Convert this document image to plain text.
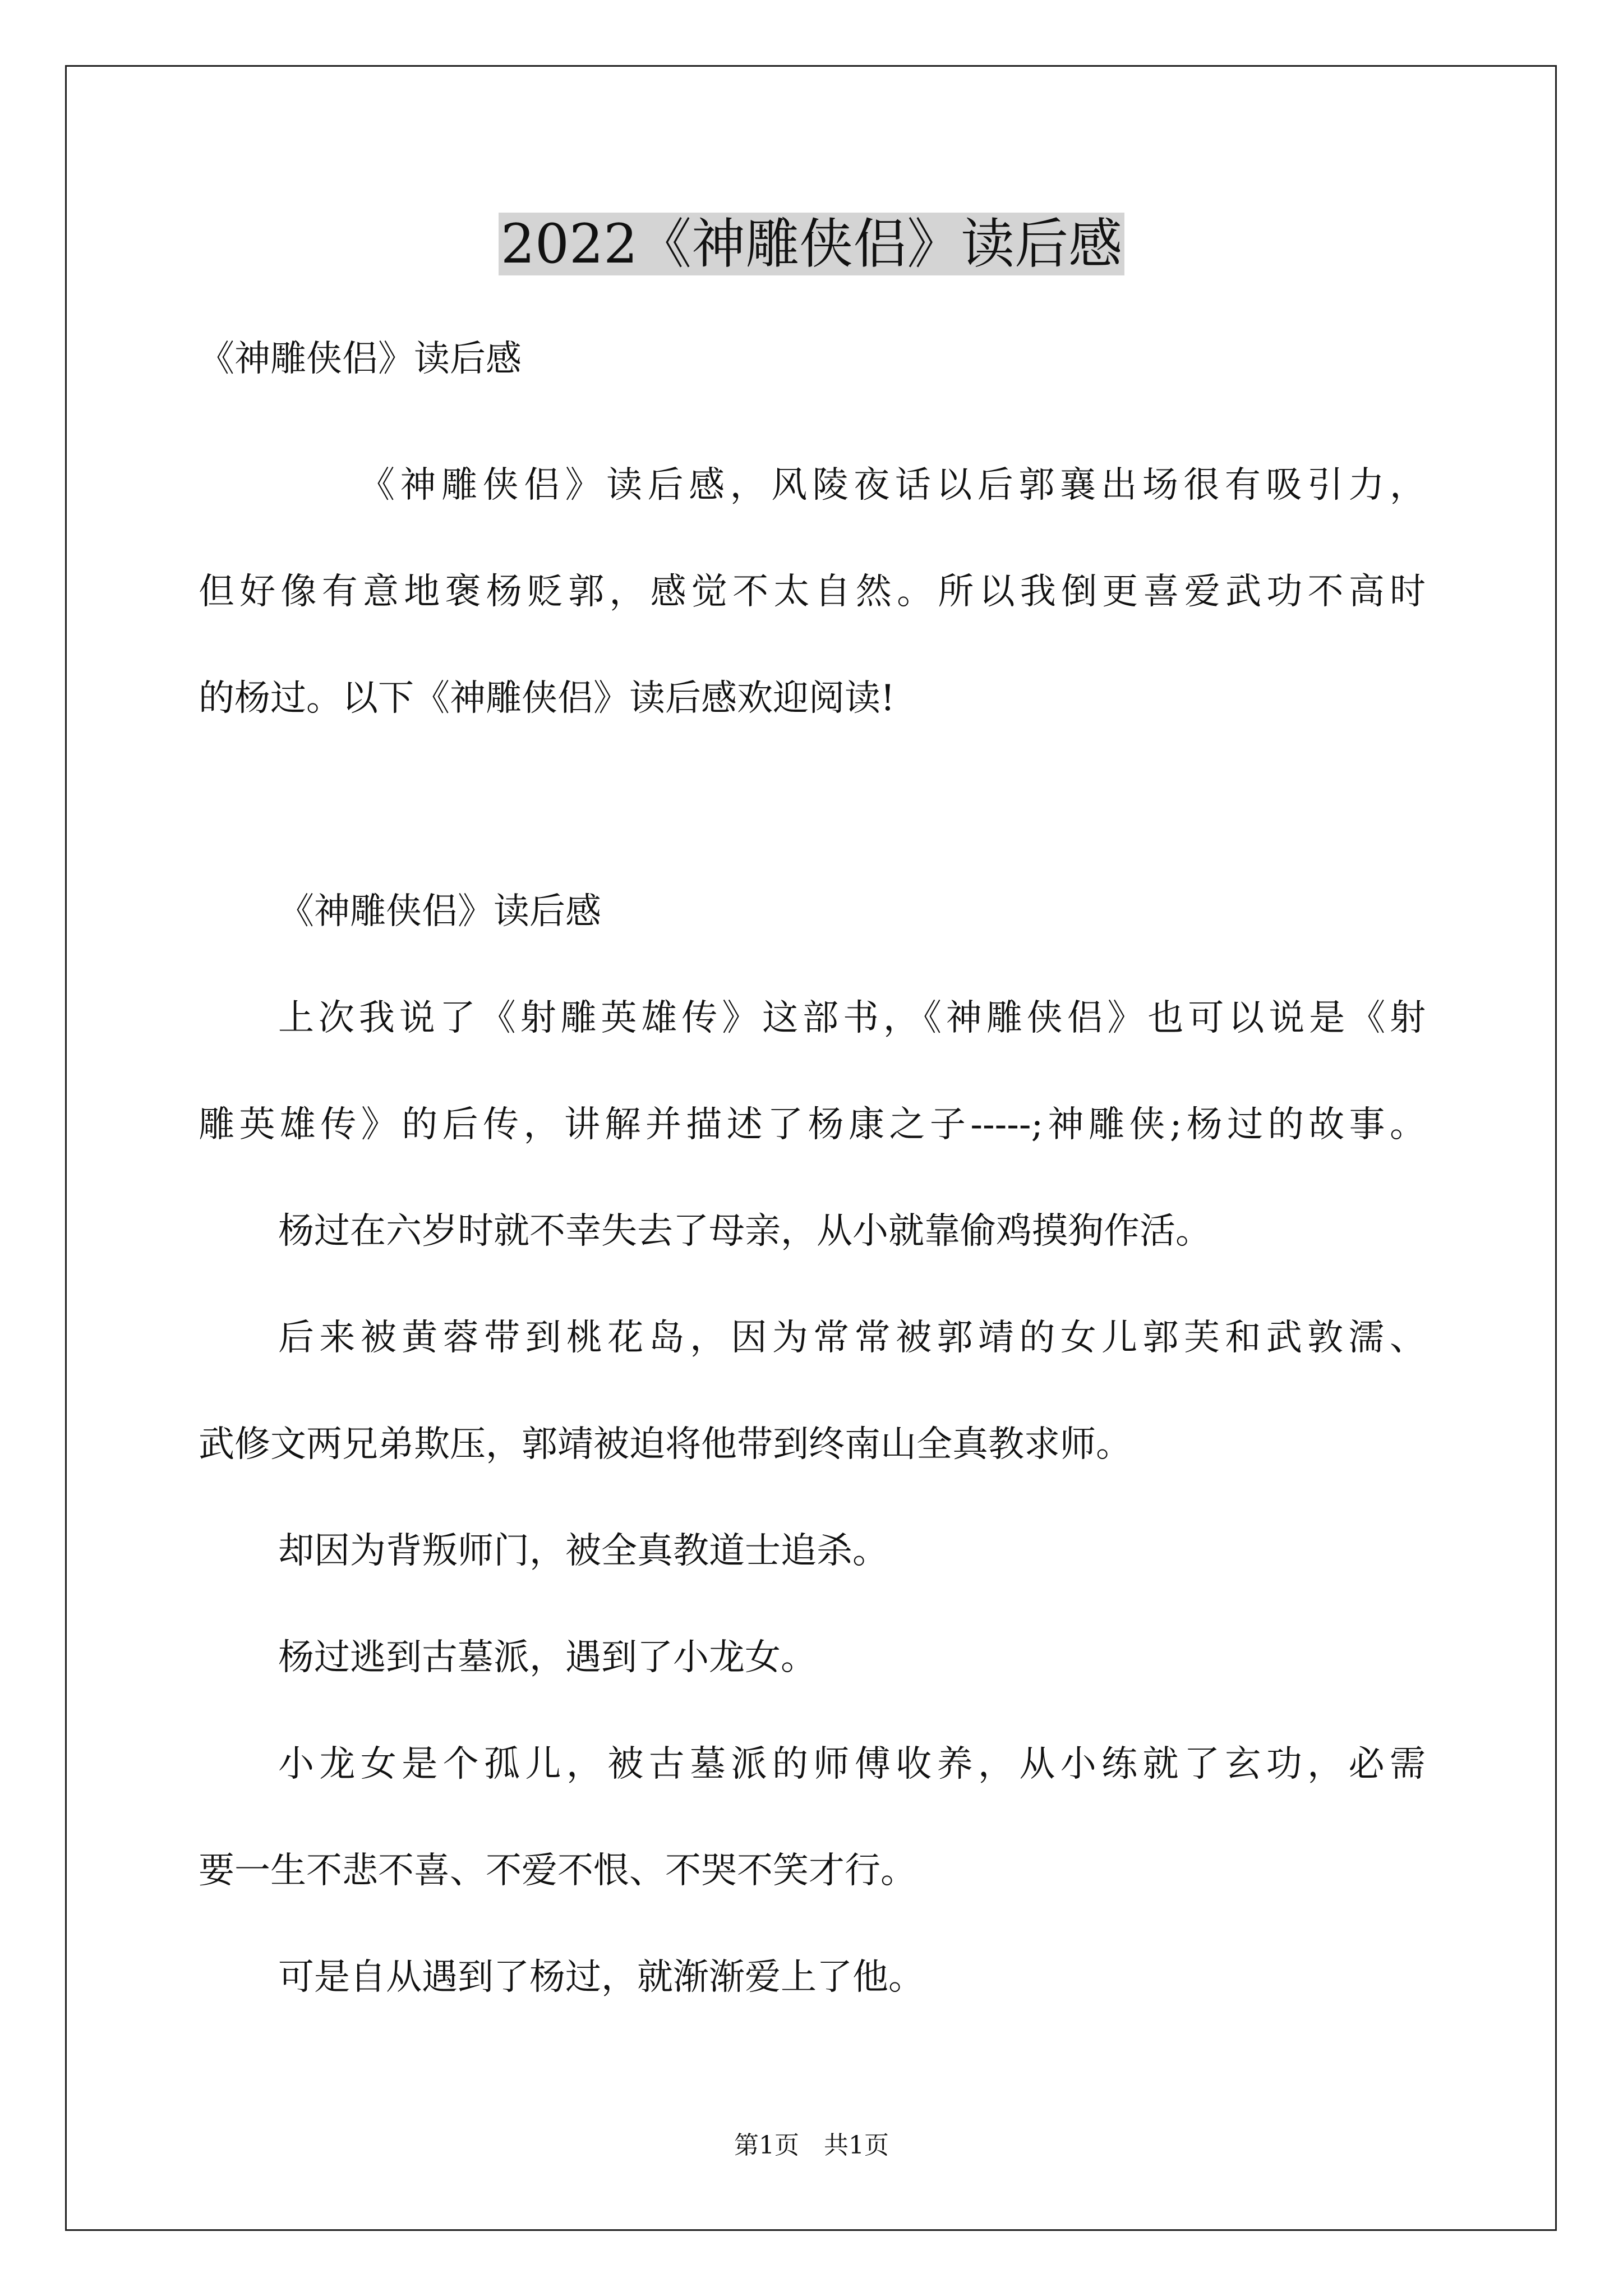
2022《神雕侠侣》读后感
《神雕侠侣》读后感
《神雕侠侣》读后感，风陵夜话以后郭襄出场很有吸引力，
但好像有意地褒杨贬郭，感觉不太自然。所以我倒更喜爱武功不高时
的杨过。以下《神雕侠侣》读后感欢迎阅读!
《神雕侠侣》读后感
上次我说了《射雕英雄传》这部书，《神雕侠侣》也可以说是《射
雕英雄传》的后传，讲解并描述了杨康之子-----;神雕侠;杨过的故事。
杨过在六岁时就不幸失去了母亲，从小就靠偷鸡摸狗作活。
后来被黄蓉带到桃花岛，因为常常被郭靖的女儿郭芙和武敦濡、
武修文两兄弟欺压，郭靖被迫将他带到终南山全真教求师。
却因为背叛师门，被全真教道士追杀。
杨过逃到古墓派，遇到了小龙女。
小龙女是个孤儿，被古墓派的师傅收养，从小练就了玄功，必需
要一生不悲不喜、不爱不恨、不哭不笑才行。
可是自从遇到了杨过，就渐渐爱上了他。
第1页　共1页
